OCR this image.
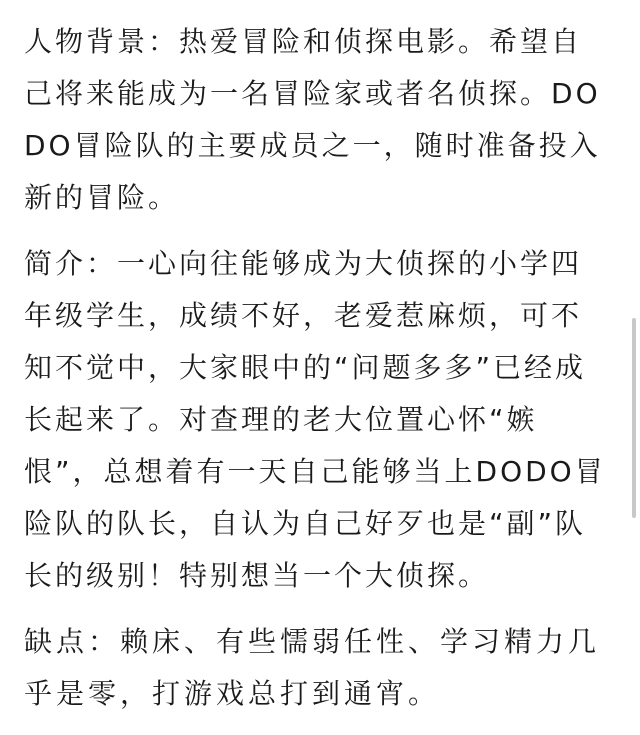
人物背景：热爱冒险和侦探电影。希望自己将来能成为一名冒险家或者名侦探。DODO冒险队的主要成员之一，随时准备投入新的冒险。

简介：一心向往能够成为大侦探的小学四年级学生，成绩不好，老爱惹麻烦，可不知不觉中，大家眼中的“问题多多”已经成长起来了。对查理的老大位置心怀“嫉恨”，总想着有一天自己能够当上DODO冒险队的队长，自认为自己好歹也是“副”队长的级别！特别想当一个大侦探。

缺点：赖床、有些懦弱任性、学习精力几乎是零，打游戏总打到通宵。
